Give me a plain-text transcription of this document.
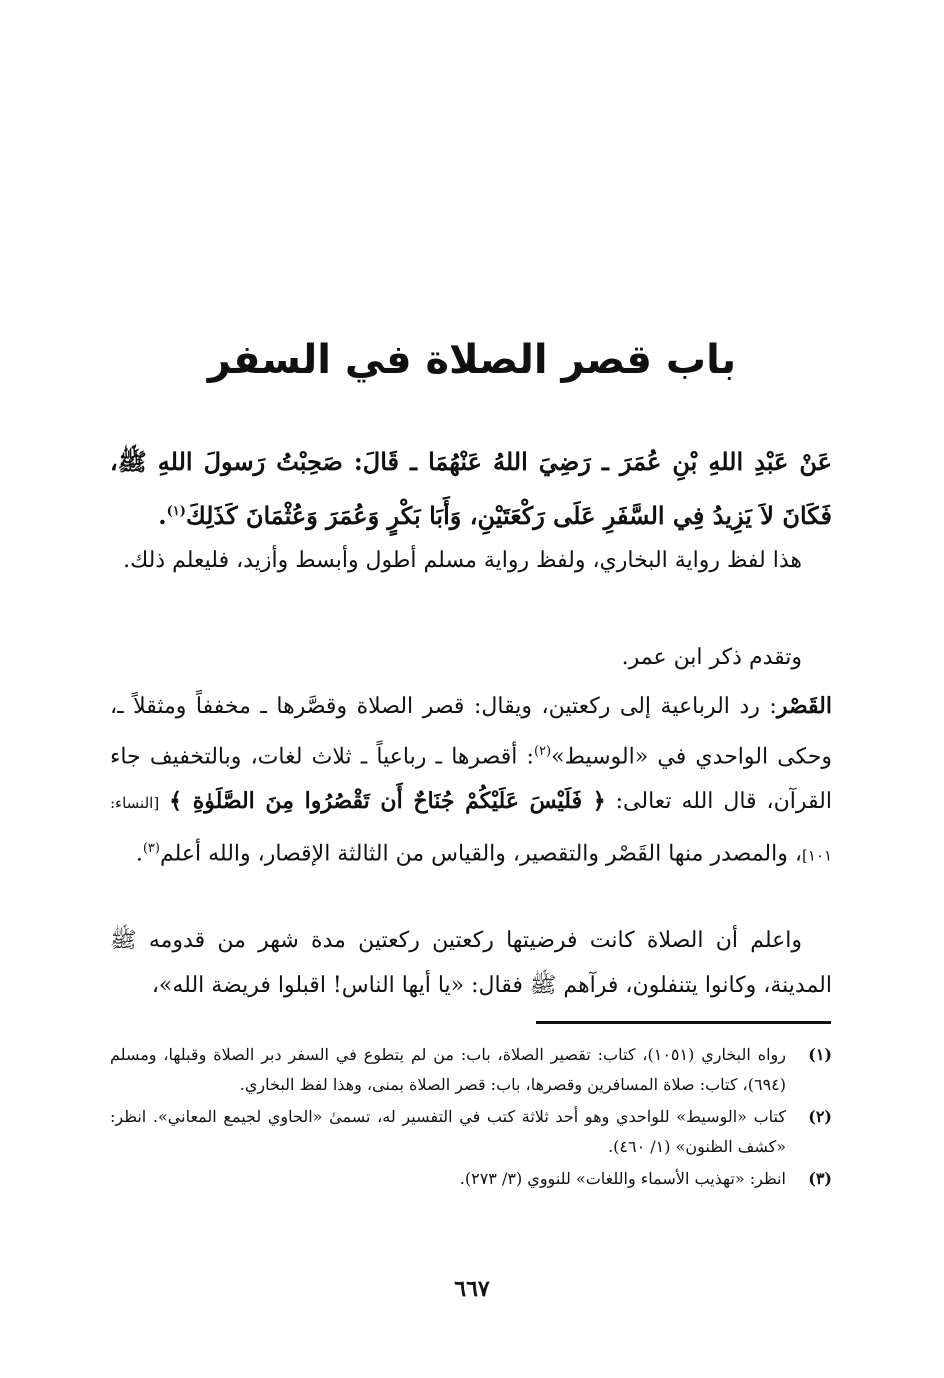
باب قصر الصلاة في السفر
عَنْ عَبْدِ اللهِ بْنِ عُمَرَ ـ رَضِيَ اللهُ عَنْهُمَا ـ قَالَ: صَحِبْتُ رَسولَ اللهِ ﷺ، فَكَانَ لاَ يَزِيدُ فِي السَّفَرِ عَلَى رَكْعَتَيْنِ، وَأَبَا بَكْرٍ وَعُمَرَ وَعُثْمَانَ كَذَلِكَ$^{(١)}$.
هذا لفظ رواية البخاري، ولفظ رواية مسلم أطول وأبسط وأزيد، فليعلم ذلك.
وتقدم ذكر ابن عمر.
القَصْر: رد الرباعية إلى ركعتين، ويقال: قصر الصلاة وقصَّرها ـ مخففاً ومثقلاً ـ، وحكى الواحدي في «الوسيط»$^{(٢)}$: أقصرها ـ رباعياً ـ ثلاث لغات، وبالتخفيف جاء القرآن، قال الله تعالى: ﴿ فَلَيْسَ عَلَيْكُمْ جُنَاحٌ أَن تَقْصُرُوا مِنَ الصَّلَوٰةِ ﴾ [النساء: ١٠١]، والمصدر منها القَصْر والتقصير، والقياس من الثالثة الإقصار، والله أعلم$^{(٣)}$.
واعلم أن الصلاة كانت فرضيتها ركعتين ركعتين مدة شهر من قدومه ﷺ المدينة، وكانوا يتنفلون، فرآهم ﷺ فقال: «يا أيها الناس! اقبلوا فريضة الله»،
(١)
رواه البخاري (١٠٥١)، كتاب: تقصير الصلاة، باب: من لم يتطوع في السفر دبر الصلاة وقبلها، ومسلم (٦٩٤)، كتاب: صلاة المسافرين وقصرها، باب: قصر الصلاة بمنى، وهذا لفظ البخاري.
(٢)
كتاب «الوسيط» للواحدي وهو أحد ثلاثة كتب في التفسير له، تسمىٰ «الحاوي لجيمع المعاني». انظر: «كشف الظنون» (١/ ٤٦٠).
(٣)
انظر: «تهذيب الأسماء واللغات» للنووي (٣/ ٢٧٣).
٦٦٧
